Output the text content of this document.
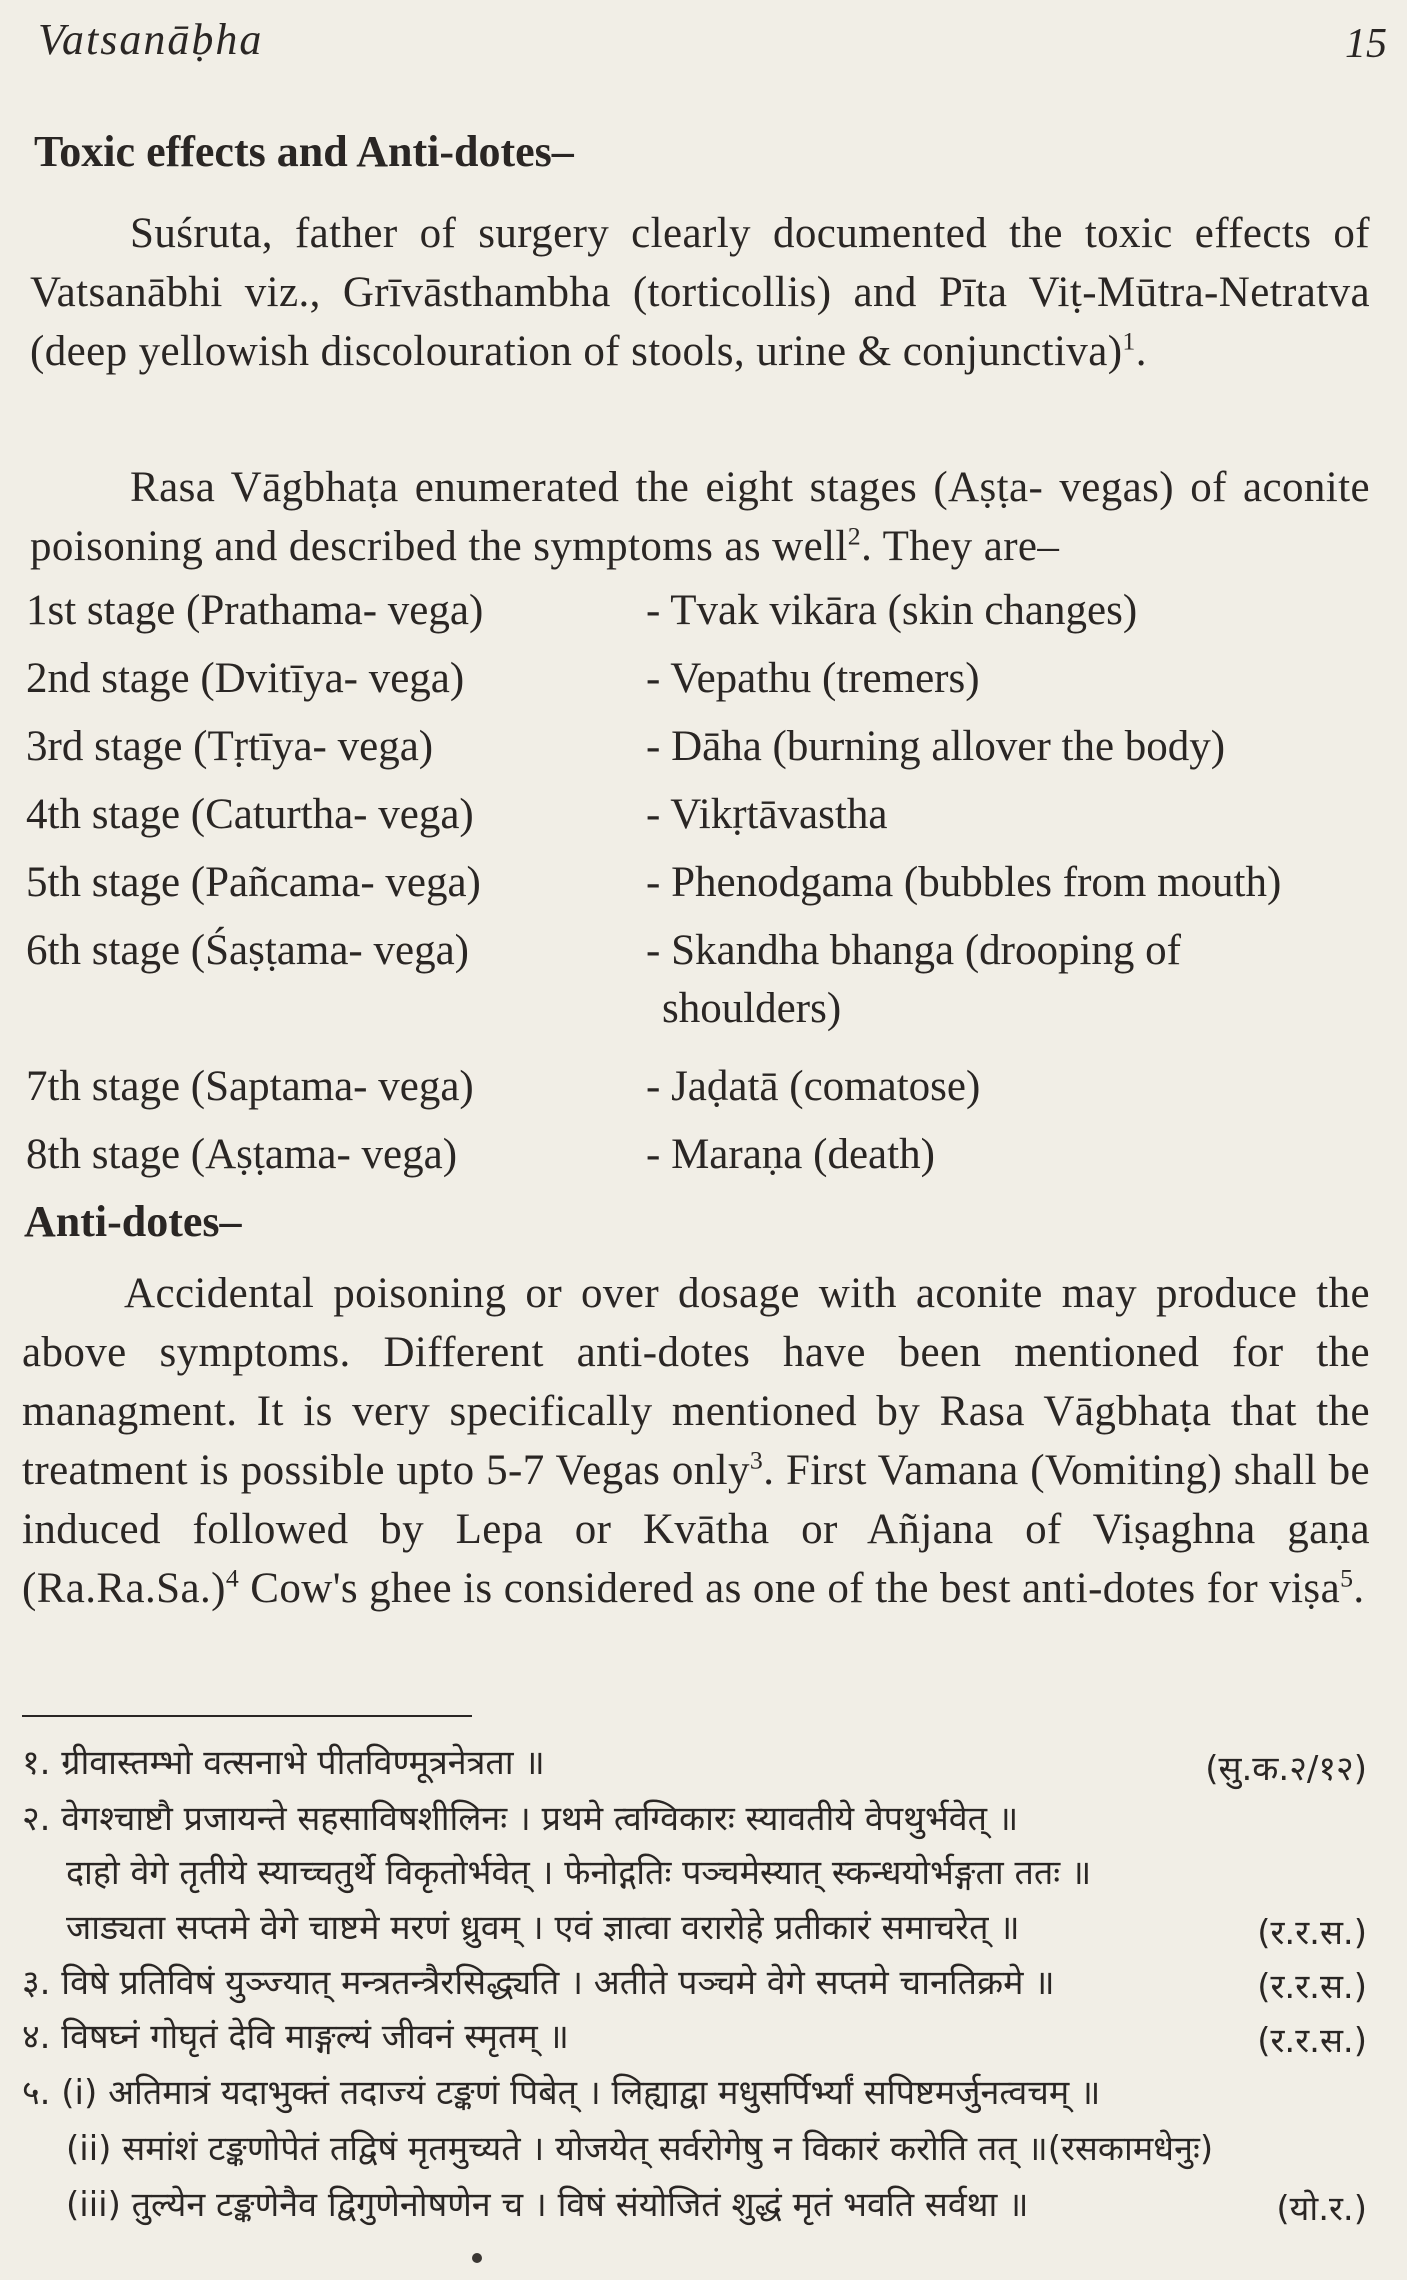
Vatsanāḅha	15
Toxic effects and Anti-dotes–
Suśruta, father of surgery clearly documented the toxic effects of Vatsanābhi viz., Grīvāsthambha (torticollis) and Pīta Viṭ-Mūtra-Netratva (deep yellowish discolouration of stools, urine & conjunctiva)$^1$.
Rasa Vāgbhaṭa enumerated the eight stages (Aṣṭa- vegas) of aconite poisoning and described the symptoms as well$^2$. They are–
1st stage (Prathama- vega)	- Tvak vikāra (skin changes)
2nd stage (Dvitīya- vega)	- Vepathu (tremers)
3rd stage (Tṛtīya- vega)	- Dāha (burning allover the body)
4th stage (Caturtha- vega)	- Vikṛtāvastha
5th stage (Pañcama- vega)	- Phenodgama (bubbles from mouth)
6th stage (Śaṣṭama- vega)	- Skandha bhanga (drooping of
shoulders)
7th stage (Saptama- vega)	- Jaḍatā (comatose)
8th stage (Aṣṭama- vega)	- Maraṇa (death)
Anti-dotes–
Accidental poisoning or over dosage with aconite may produce the above symptoms. Different anti-dotes have been mentioned for the managment. It is very specifically mentioned by Rasa Vāgbhaṭa that the treatment is possible upto 5-7 Vegas only$^3$. First Vamana (Vomiting) shall be induced followed by Lepa or Kvātha or Añjana of Viṣaghna gaṇa $(Ra.Ra.Sa.)^4$ Cow's ghee is considered as one of the best anti-dotes for viṣa$^5$.
१. ग्रीवास्तम्भो वत्सनाभे पीतविण्मूत्रनेत्रता ॥	(सु.क.२/१२)
२. वेगश्चाष्टौ प्रजायन्ते सहसाविषशीलिनः । प्रथमे त्वग्विकारः स्यावतीये वेपथुर्भवेत् ॥
दाहो वेगे तृतीये स्याच्चतुर्थे विकृतोर्भवेत् । फेनोद्गतिः पञ्चमेस्यात् स्कन्धयोर्भङ्गता ततः ॥
जाड्यता सप्तमे वेगे चाष्टमे मरणं ध्रुवम् । एवं ज्ञात्वा वरारोहे प्रतीकारं समाचरेत् ॥	(र.र.स.)
३. विषे प्रतिविषं युञ्ज्यात् मन्त्रतन्त्रैरसिद्ध्यति । अतीते पञ्चमे वेगे सप्तमे चानतिक्रमे ॥	(र.र.स.)
४. विषघ्नं गोघृतं देवि माङ्गल्यं जीवनं स्मृतम् ॥	(र.र.स.)
५. (i) अतिमात्रं यदाभुक्तं तदाज्यं टङ्कणं पिबेत् । लिह्याद्वा मधुसर्पिर्भ्यां सपिष्टमर्जुनत्वचम् ॥
(ii) समांशं टङ्कणोपेतं तद्विषं मृतमुच्यते । योजयेत् सर्वरोगेषु न विकारं करोति तत् ॥(रसकामधेनुः)
(iii) तुल्येन टङ्कणेनैव द्विगुणेनोषणेन च । विषं संयोजितं शुद्धं मृतं भवति सर्वथा ॥	(यो.र.)
